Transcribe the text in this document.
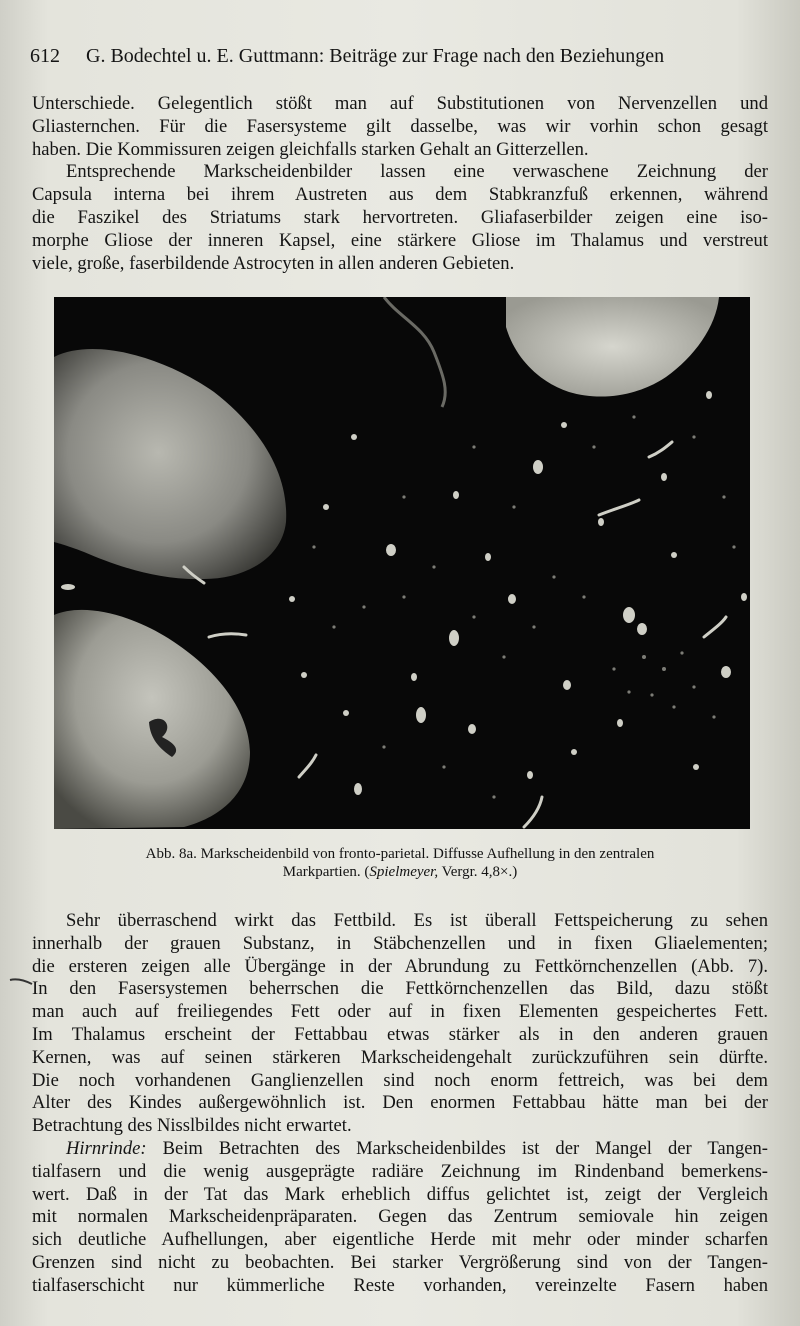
612 G. Bodechtel u. E. Guttmann: Beiträge zur Frage nach den Beziehungen
Unterschiede. Gelegentlich stößt man auf Substitutionen von Nervenzellen und
Gliasternchen. Für die Fasersysteme gilt dasselbe, was wir vorhin schon gesagt
haben. Die Kommissuren zeigen gleichfalls starken Gehalt an Gitterzellen.
Entsprechende Markscheidenbilder lassen eine verwaschene Zeichnung der
Capsula interna bei ihrem Austreten aus dem Stabkranzfuß erkennen, während
die Faszikel des Striatums stark hervortreten. Gliafaserbilder zeigen eine iso-
morphe Gliose der inneren Kapsel, eine stärkere Gliose im Thalamus und verstreut
viele, große, faserbildende Astrocyten in allen anderen Gebieten.
Abb. 8a. Markscheidenbild von fronto-parietal. Diffusse Aufhellung in den zentralen
Markpartien. (Spielmeyer, Vergr. 4,8×.)
Sehr überraschend wirkt das Fettbild. Es ist überall Fettspeicherung zu sehen
innerhalb der grauen Substanz, in Stäbchenzellen und in fixen Gliaelementen;
die ersteren zeigen alle Übergänge in der Abrundung zu Fettkörnchenzellen (Abb. 7).
In den Fasersystemen beherrschen die Fettkörnchenzellen das Bild, dazu stößt
man auch auf freiliegendes Fett oder auf in fixen Elementen gespeichertes Fett.
Im Thalamus erscheint der Fettabbau etwas stärker als in den anderen grauen
Kernen, was auf seinen stärkeren Markscheidengehalt zurückzuführen sein dürfte.
Die noch vorhandenen Ganglienzellen sind noch enorm fettreich, was bei dem
Alter des Kindes außergewöhnlich ist. Den enormen Fettabbau hätte man bei der
Betrachtung des Nisslbildes nicht erwartet.
Hirnrinde: Beim Betrachten des Markscheidenbildes ist der Mangel der Tangen-
tialfasern und die wenig ausgeprägte radiäre Zeichnung im Rindenband bemerkens-
wert. Daß in der Tat das Mark erheblich diffus gelichtet ist, zeigt der Vergleich
mit normalen Markscheidenpräparaten. Gegen das Zentrum semiovale hin zeigen
sich deutliche Aufhellungen, aber eigentliche Herde mit mehr oder minder scharfen
Grenzen sind nicht zu beobachten. Bei starker Vergrößerung sind von der Tangen-
tialfaserschicht nur kümmerliche Reste vorhanden, vereinzelte Fasern haben
